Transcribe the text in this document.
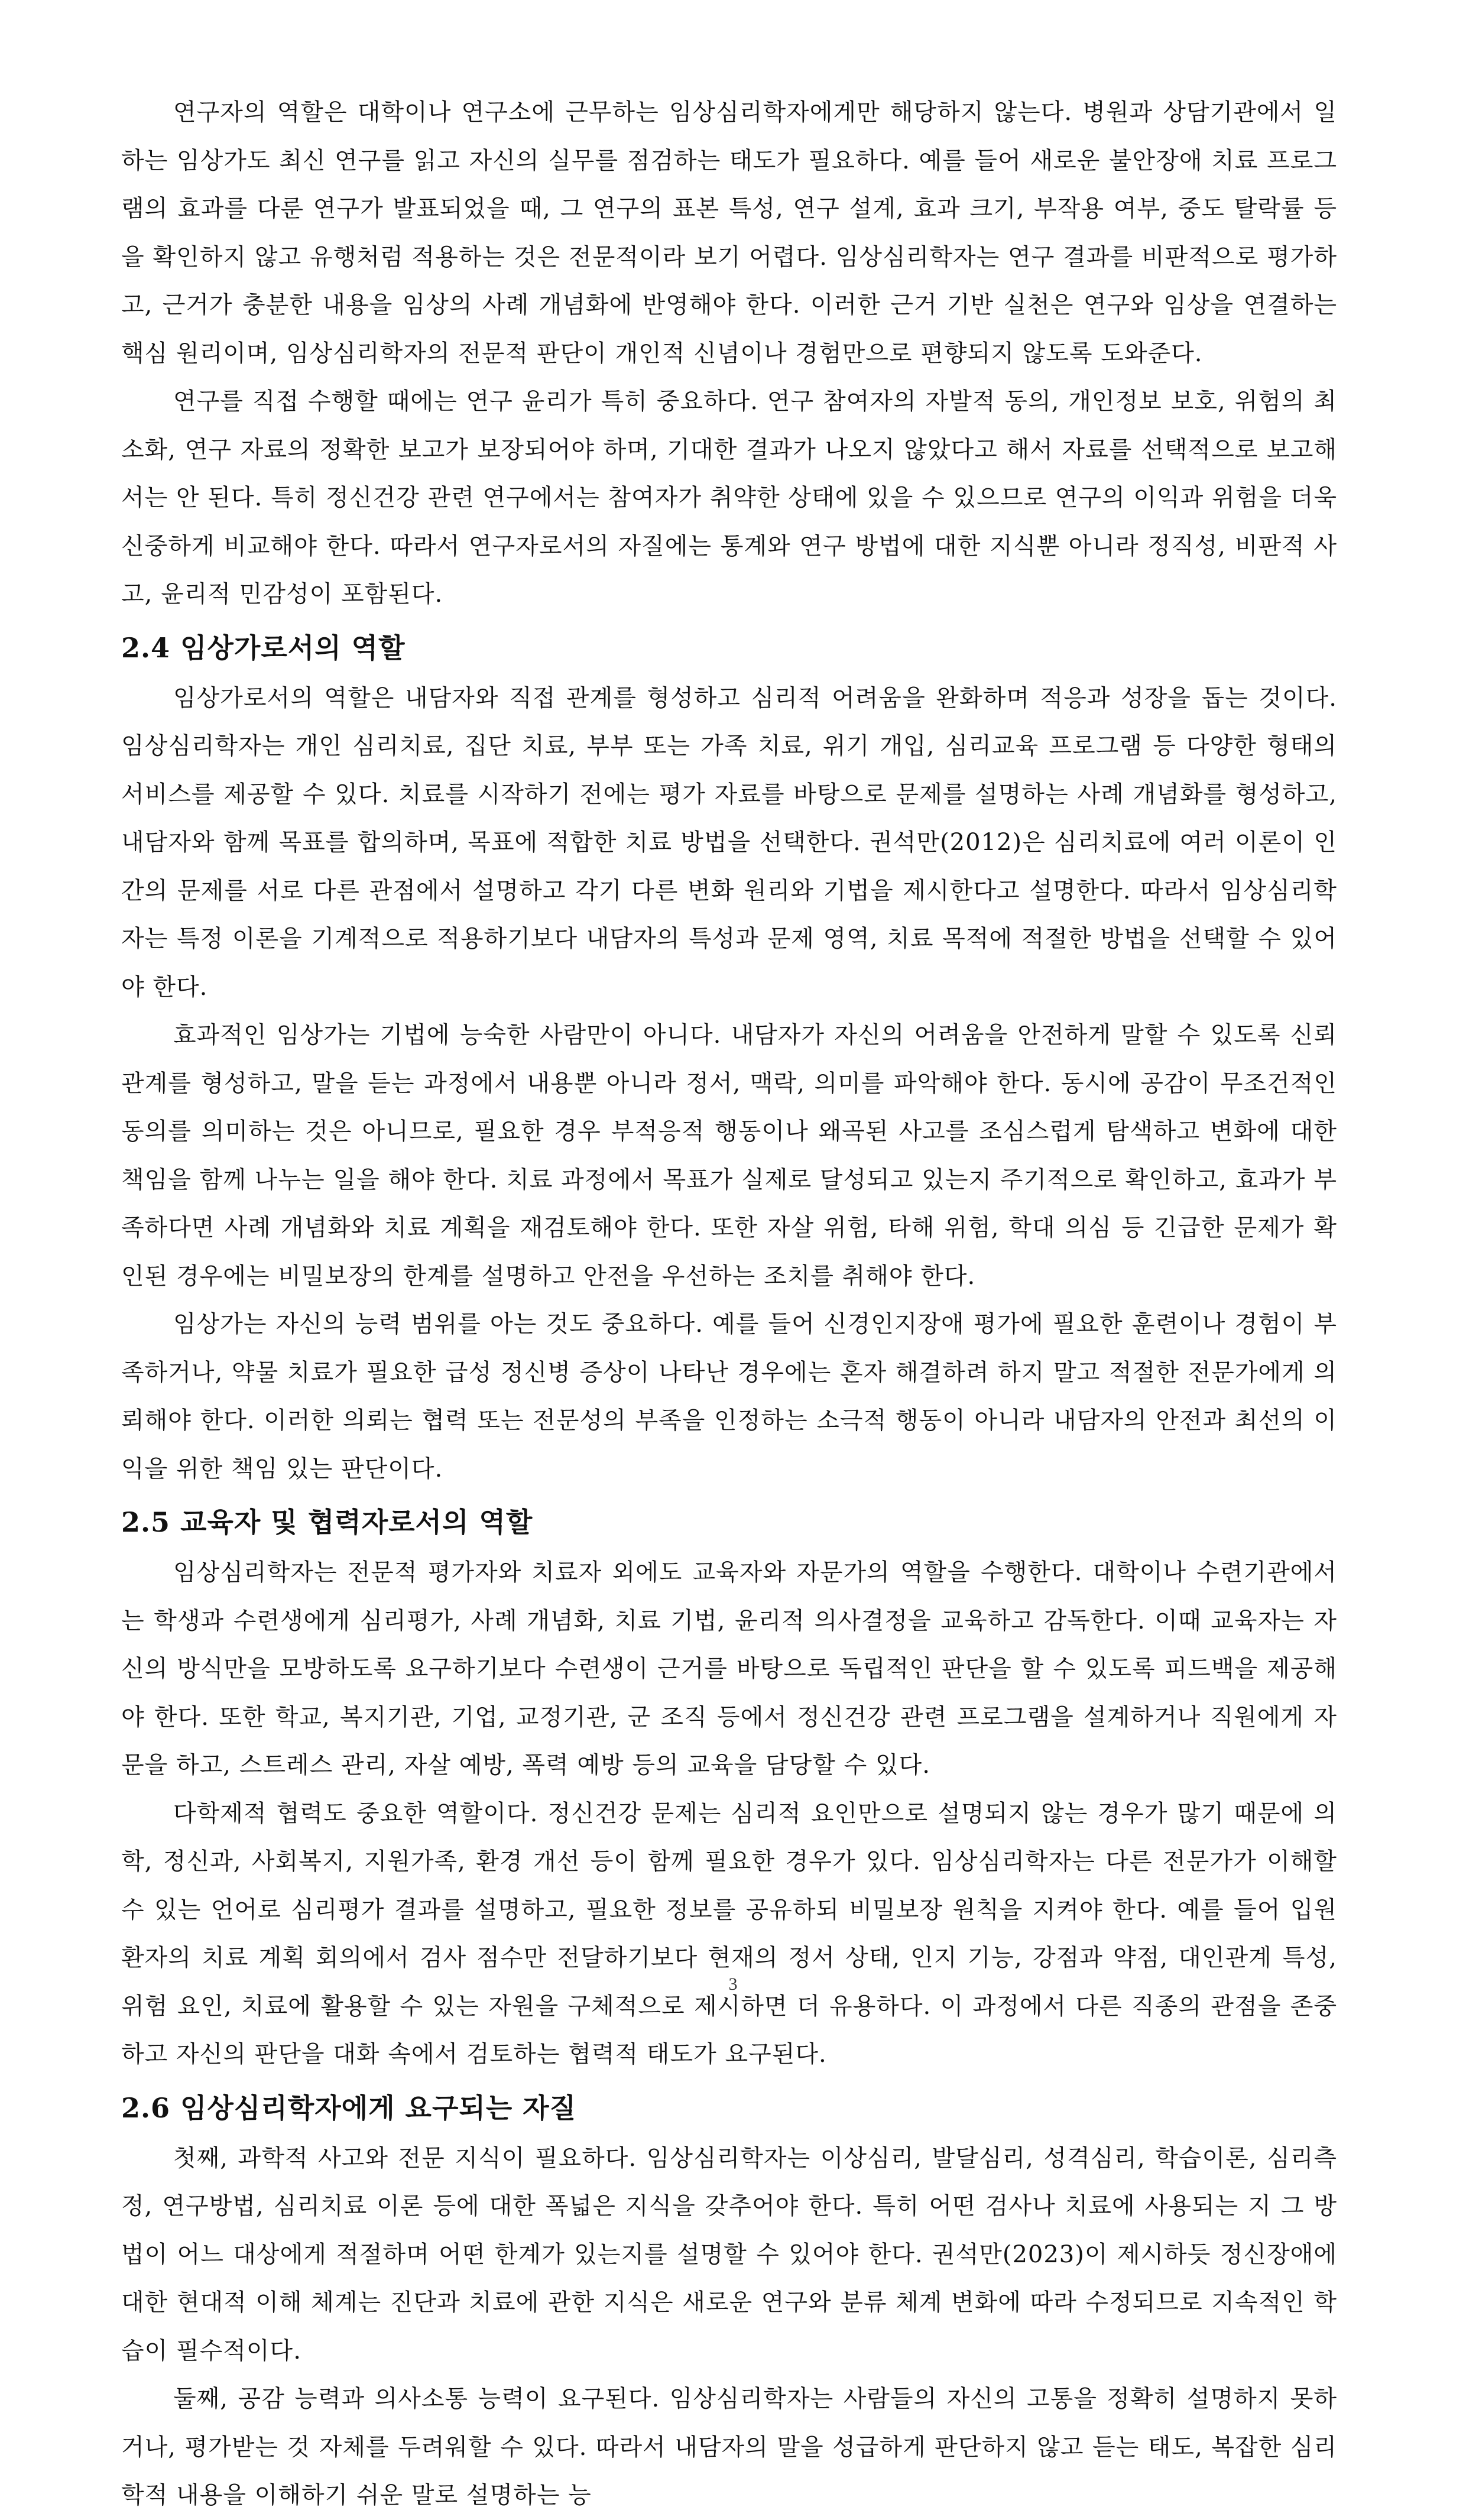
연구자의 역할은 대학이나 연구소에 근무하는 임상심리학자에게만 해당하지 않는다. 병원과 상담기관에서 일하는 임상가도 최신 연구를 읽고 자신의 실무를 점검하는 태도가 필요하다. 예를 들어 새로운 불안장애 치료 프로그램의 효과를 다룬 연구가 발표되었을 때, 그 연구의 표본 특성, 연구 설계, 효과 크기, 부작용 여부, 중도 탈락률 등을 확인하지 않고 유행처럼 적용하는 것은 전문적이라 보기 어렵다. 임상심리학자는 연구 결과를 비판적으로 평가하고, 근거가 충분한 내용을 임상의 사례 개념화에 반영해야 한다. 이러한 근거 기반 실천은 연구와 임상을 연결하는 핵심 원리이며, 임상심리학자의 전문적 판단이 개인적 신념이나 경험만으로 편향되지 않도록 도와준다.

연구를 직접 수행할 때에는 연구 윤리가 특히 중요하다. 연구 참여자의 자발적 동의, 개인정보 보호, 위험의 최소화, 연구 자료의 정확한 보고가 보장되어야 하며, 기대한 결과가 나오지 않았다고 해서 자료를 선택적으로 보고해서는 안 된다. 특히 정신건강 관련 연구에서는 참여자가 취약한 상태에 있을 수 있으므로 연구의 이익과 위험을 더욱 신중하게 비교해야 한다. 따라서 연구자로서의 자질에는 통계와 연구 방법에 대한 지식뿐 아니라 정직성, 비판적 사고, 윤리적 민감성이 포함된다.

2.4 임상가로서의 역할

임상가로서의 역할은 내담자와 직접 관계를 형성하고 심리적 어려움을 완화하며 적응과 성장을 돕는 것이다. 임상심리학자는 개인 심리치료, 집단 치료, 부부 또는 가족 치료, 위기 개입, 심리교육 프로그램 등 다양한 형태의 서비스를 제공할 수 있다. 치료를 시작하기 전에는 평가 자료를 바탕으로 문제를 설명하는 사례 개념화를 형성하고, 내담자와 함께 목표를 합의하며, 목표에 적합한 치료 방법을 선택한다. 권석만(2012)은 심리치료에 여러 이론이 인간의 문제를 서로 다른 관점에서 설명하고 각기 다른 변화 원리와 기법을 제시한다고 설명한다. 따라서 임상심리학자는 특정 이론을 기계적으로 적용하기보다 내담자의 특성과 문제 영역, 치료 목적에 적절한 방법을 선택할 수 있어야 한다.

효과적인 임상가는 기법에 능숙한 사람만이 아니다. 내담자가 자신의 어려움을 안전하게 말할 수 있도록 신뢰 관계를 형성하고, 말을 듣는 과정에서 내용뿐 아니라 정서, 맥락, 의미를 파악해야 한다. 동시에 공감이 무조건적인 동의를 의미하는 것은 아니므로, 필요한 경우 부적응적 행동이나 왜곡된 사고를 조심스럽게 탐색하고 변화에 대한 책임을 함께 나누는 일을 해야 한다. 치료 과정에서 목표가 실제로 달성되고 있는지 주기적으로 확인하고, 효과가 부족하다면 사례 개념화와 치료 계획을 재검토해야 한다. 또한 자살 위험, 타해 위험, 학대 의심 등 긴급한 문제가 확인된 경우에는 비밀보장의 한계를 설명하고 안전을 우선하는 조치를 취해야 한다.

임상가는 자신의 능력 범위를 아는 것도 중요하다. 예를 들어 신경인지장애 평가에 필요한 훈련이나 경험이 부족하거나, 약물 치료가 필요한 급성 정신병 증상이 나타난 경우에는 혼자 해결하려 하지 말고 적절한 전문가에게 의뢰해야 한다. 이러한 의뢰는 협력 또는 전문성의 부족을 인정하는 소극적 행동이 아니라 내담자의 안전과 최선의 이익을 위한 책임 있는 판단이다.

2.5 교육자 및 협력자로서의 역할

임상심리학자는 전문적 평가자와 치료자 외에도 교육자와 자문가의 역할을 수행한다. 대학이나 수련기관에서는 학생과 수련생에게 심리평가, 사례 개념화, 치료 기법, 윤리적 의사결정을 교육하고 감독한다. 이때 교육자는 자신의 방식만을 모방하도록 요구하기보다 수련생이 근거를 바탕으로 독립적인 판단을 할 수 있도록 피드백을 제공해야 한다. 또한 학교, 복지기관, 기업, 교정기관, 군 조직 등에서 정신건강 관련 프로그램을 설계하거나 직원에게 자문을 하고, 스트레스 관리, 자살 예방, 폭력 예방 등의 교육을 담당할 수 있다.

다학제적 협력도 중요한 역할이다. 정신건강 문제는 심리적 요인만으로 설명되지 않는 경우가 많기 때문에 의학, 정신과, 사회복지, 지원가족, 환경 개선 등이 함께 필요한 경우가 있다. 임상심리학자는 다른 전문가가 이해할 수 있는 언어로 심리평가 결과를 설명하고, 필요한 정보를 공유하되 비밀보장 원칙을 지켜야 한다. 예를 들어 입원 환자의 치료 계획 회의에서 검사 점수만 전달하기보다 현재의 정서 상태, 인지 기능, 강점과 약점, 대인관계 특성, 위험 요인, 치료에 활용할 수 있는 자원을 구체적으로 제시하면 더 유용하다. 이 과정에서 다른 직종의 관점을 존중하고 자신의 판단을 대화 속에서 검토하는 협력적 태도가 요구된다.

2.6 임상심리학자에게 요구되는 자질

첫째, 과학적 사고와 전문 지식이 필요하다. 임상심리학자는 이상심리, 발달심리, 성격심리, 학습이론, 심리측정, 연구방법, 심리치료 이론 등에 대한 폭넓은 지식을 갖추어야 한다. 특히 어떤 검사나 치료에 사용되는 지 그 방법이 어느 대상에게 적절하며 어떤 한계가 있는지를 설명할 수 있어야 한다. 권석만(2023)이 제시하듯 정신장애에 대한 현대적 이해 체계는 진단과 치료에 관한 지식은 새로운 연구와 분류 체계 변화에 따라 수정되므로 지속적인 학습이 필수적이다.

둘째, 공감 능력과 의사소통 능력이 요구된다. 임상심리학자는 사람들의 자신의 고통을 정확히 설명하지 못하거나, 평가받는 것 자체를 두려워할 수 있다. 따라서 내담자의 말을 성급하게 판단하지 않고 듣는 태도, 복잡한 심리학적 내용을 이해하기 쉬운 말로 설명하는 능

3
